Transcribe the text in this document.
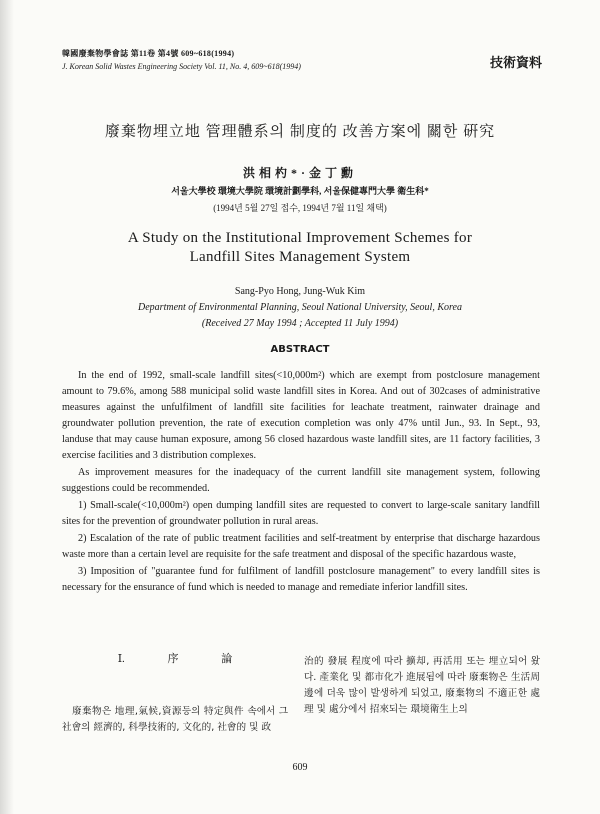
韓國廢棄物學會誌 第11卷 第4號 609~618(1994)
J. Korean Solid Wastes Engineering Society Vol. 11, No. 4, 609~618(1994)	技術資料
廢棄物埋立地 管理體系의 制度的 改善方案에 關한 硏究
洪相杓*·金丁勳
서울大學校 環境大學院 環境計劃學科, 서울保健專門大學 衛生科*
(1994년 5월 27일 접수, 1994년 7월 11일 채택)
A Study on the Institutional Improvement Schemes for
Landfill Sites Management System
Sang-Pyo Hong, Jung-Wuk Kim
Department of Environmental Planning, Seoul National University, Seoul, Korea
(Received 27 May 1994 ; Accepted 11 July 1994)
ABSTRACT

In the end of 1992, small-scale landfill sites(<10,000m²) which are exempt from postclosure management amount to 79.6%, among 588 municipal solid waste landfill sites in Korea. And out of 302cases of administrative measures against the unfulfilment of landfill site facilities for leachate treatment, rainwater drainage and groundwater pollution prevention, the rate of execution completion was only 47% until Jun., 93. In Sept., 93, landuse that may cause human exposure, among 56 closed hazardous waste landfill sites, are 11 factory facilities, 3 exercise facilities and 3 distribution complexes.

As improvement measures for the inadequacy of the current landfill site management system, following suggestions could be recommended.

1) Small-scale(<10,000m²) open dumping landfill sites are requested to convert to large-scale sanitary landfill sites for the prevention of groundwater pollution in rural areas.

2) Escalation of the rate of public treatment facilities and self-treatment by enterprise that discharge hazardous waste more than a certain level are requisite for the safe treatment and disposal of the specific hazardous waste,

3) Imposition of "guarantee fund for fulfilment of landfill postclosure management" to every landfill sites is necessary for the ensurance of fund which is needed to manage and remediate inferior landfill sites.

Ⅰ. 序 論
廢棄物은 地理,氣候,資源등의 特定與件 속에서 그 社會의 經濟的, 科學技術的, 文化的, 社會的 및 政
治的 發展 程度에 따라 擴却, 再活用 또는 埋立되어 왔다. 產業化 및 都市化가 進展됨에 따라 廢棄物은 生活周邊에 더욱 많이 발생하게 되었고, 廢棄物의 不適正한 處理 및 處分에서 招來되는 環境衛生上의
609
